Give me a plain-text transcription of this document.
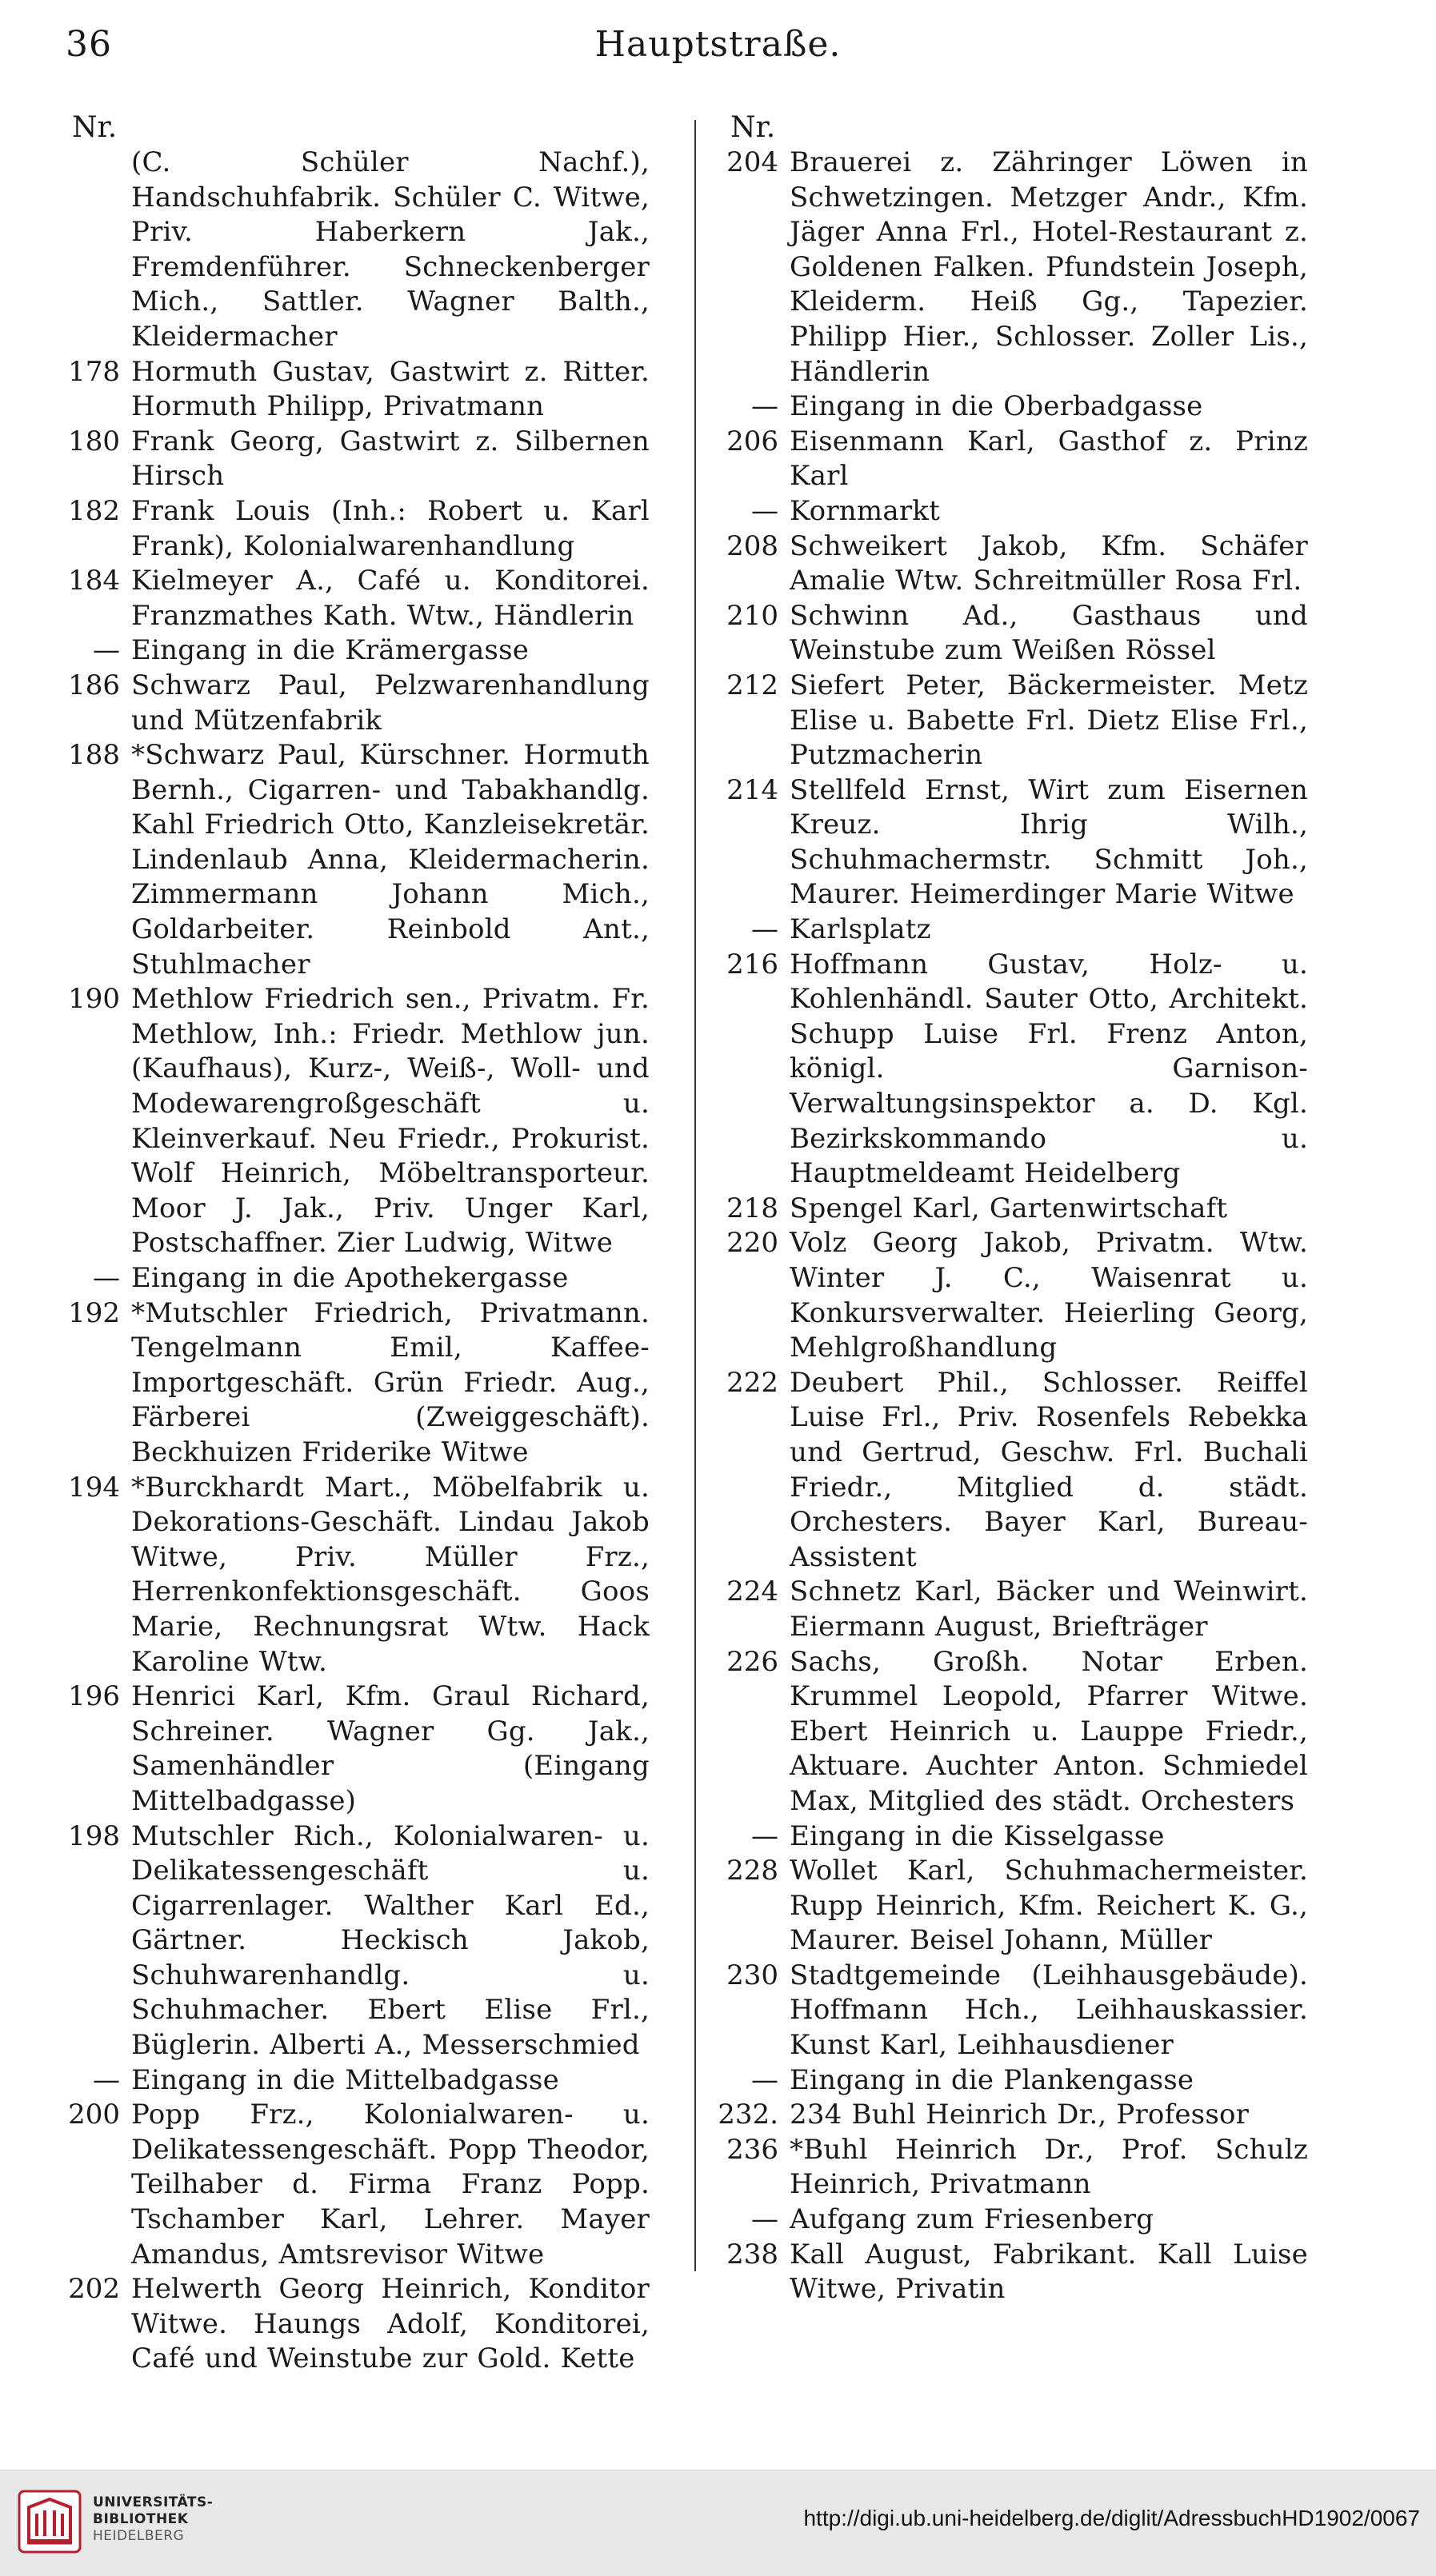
36	Hauptstraße.
Nr.
(C. Schüler Nachf.), Handschuhfabrik. Schüler C. Witwe, Priv. Haberkern Jak., Fremdenführer. Schneckenberger Mich., Sattler. Wagner Balth., Kleidermacher
178 Hormuth Gustav, Gastwirt z. Ritter. Hormuth Philipp, Privatmann
180 Frank Georg, Gastwirt z. Silbernen Hirsch
182 Frank Louis (Inh.: Robert u. Karl Frank), Kolonialwarenhandlung
184 Kielmeyer A., Café u. Konditorei. Franzmathes Kath. Wtw., Händlerin
— Eingang in die Krämergasse
186 Schwarz Paul, Pelzwarenhandlung und Mützenfabrik
188 *Schwarz Paul, Kürschner. Hormuth Bernh., Cigarren- und Tabakhandlg. Kahl Friedrich Otto, Kanzleisekretär. Lindenlaub Anna, Kleidermacherin. Zimmermann Johann Mich., Goldarbeiter. Reinbold Ant., Stuhlmacher
190 Methlow Friedrich sen., Privatm. Fr. Methlow, Inh.: Friedr. Methlow jun. (Kaufhaus), Kurz-, Weiß-, Woll- und Modewarengroßgeschäft u. Kleinverkauf. Neu Friedr., Prokurist. Wolf Heinrich, Möbeltransporteur. Moor J. Jak., Priv. Unger Karl, Postschaffner. Zier Ludwig, Witwe
— Eingang in die Apothekergasse
192 *Mutschler Friedrich, Privatmann. Tengelmann Emil, Kaffee-Importgeschäft. Grün Friedr. Aug., Färberei (Zweiggeschäft). Beckhuizen Friderike Witwe
194 *Burckhardt Mart., Möbelfabrik u. Dekorations-Geschäft. Lindau Jakob Witwe, Priv. Müller Frz., Herrenkonfektionsgeschäft. Goos Marie, Rechnungsrat Wtw. Hack Karoline Wtw.
196 Henrici Karl, Kfm. Graul Richard, Schreiner. Wagner Gg. Jak., Samenhändler (Eingang Mittelbadgasse)
198 Mutschler Rich., Kolonialwaren- u. Delikatessengeschäft u. Cigarrenlager. Walther Karl Ed., Gärtner. Heckisch Jakob, Schuhwarenhandlg. u. Schuhmacher. Ebert Elise Frl., Büglerin. Alberti A., Messerschmied
— Eingang in die Mittelbadgasse
200 Popp Frz., Kolonialwaren- u. Delikatessengeschäft. Popp Theodor, Teilhaber d. Firma Franz Popp. Tschamber Karl, Lehrer. Mayer Amandus, Amtsrevisor Witwe
202 Helwerth Georg Heinrich, Konditor Witwe. Haungs Adolf, Konditorei, Café und Weinstube zur Gold. Kette
Nr.
204 Brauerei z. Zähringer Löwen in Schwetzingen. Metzger Andr., Kfm. Jäger Anna Frl., Hotel-Restaurant z. Goldenen Falken. Pfundstein Joseph, Kleiderm. Heiß Gg., Tapezier. Philipp Hier., Schlosser. Zoller Lis., Händlerin
— Eingang in die Oberbadgasse
206 Eisenmann Karl, Gasthof z. Prinz Karl
— Kornmarkt
208 Schweikert Jakob, Kfm. Schäfer Amalie Wtw. Schreitmüller Rosa Frl.
210 Schwinn Ad., Gasthaus und Weinstube zum Weißen Rössel
212 Siefert Peter, Bäckermeister. Metz Elise u. Babette Frl. Dietz Elise Frl., Putzmacherin
214 Stellfeld Ernst, Wirt zum Eisernen Kreuz. Ihrig Wilh., Schuhmachermstr. Schmitt Joh., Maurer. Heimerdinger Marie Witwe
— Karlsplatz
216 Hoffmann Gustav, Holz- u. Kohlenhändl. Sauter Otto, Architekt. Schupp Luise Frl. Frenz Anton, königl. Garnison-Verwaltungsinspektor a. D. Kgl. Bezirkskommando u. Hauptmeldeamt Heidelberg
218 Spengel Karl, Gartenwirtschaft
220 Volz Georg Jakob, Privatm. Wtw. Winter J. C., Waisenrat u. Konkursverwalter. Heierling Georg, Mehlgroßhandlung
222 Deubert Phil., Schlosser. Reiffel Luise Frl., Priv. Rosenfels Rebekka und Gertrud, Geschw. Frl. Buchali Friedr., Mitglied d. städt. Orchesters. Bayer Karl, Bureau-Assistent
224 Schnetz Karl, Bäcker und Weinwirt. Eiermann August, Briefträger
226 Sachs, Großh. Notar Erben. Krummel Leopold, Pfarrer Witwe. Ebert Heinrich u. Lauppe Friedr., Aktuare. Auchter Anton. Schmiedel Max, Mitglied des städt. Orchesters
— Eingang in die Kisselgasse
228 Wollet Karl, Schuhmachermeister. Rupp Heinrich, Kfm. Reichert K. G., Maurer. Beisel Johann, Müller
230 Stadtgemeinde (Leihhausgebäude). Hoffmann Hch., Leihhauskassier. Kunst Karl, Leihhausdiener
— Eingang in die Plankengasse
232. 234 Buhl Heinrich Dr., Professor
236 *Buhl Heinrich Dr., Prof. Schulz Heinrich, Privatmann
— Aufgang zum Friesenberg
238 Kall August, Fabrikant. Kall Luise Witwe, Privatin
UNIVERSITÄTS-
BIBLIOTHEK
HEIDELBERG
http://digi.ub.uni-heidelberg.de/diglit/AdressbuchHD1902/0067
